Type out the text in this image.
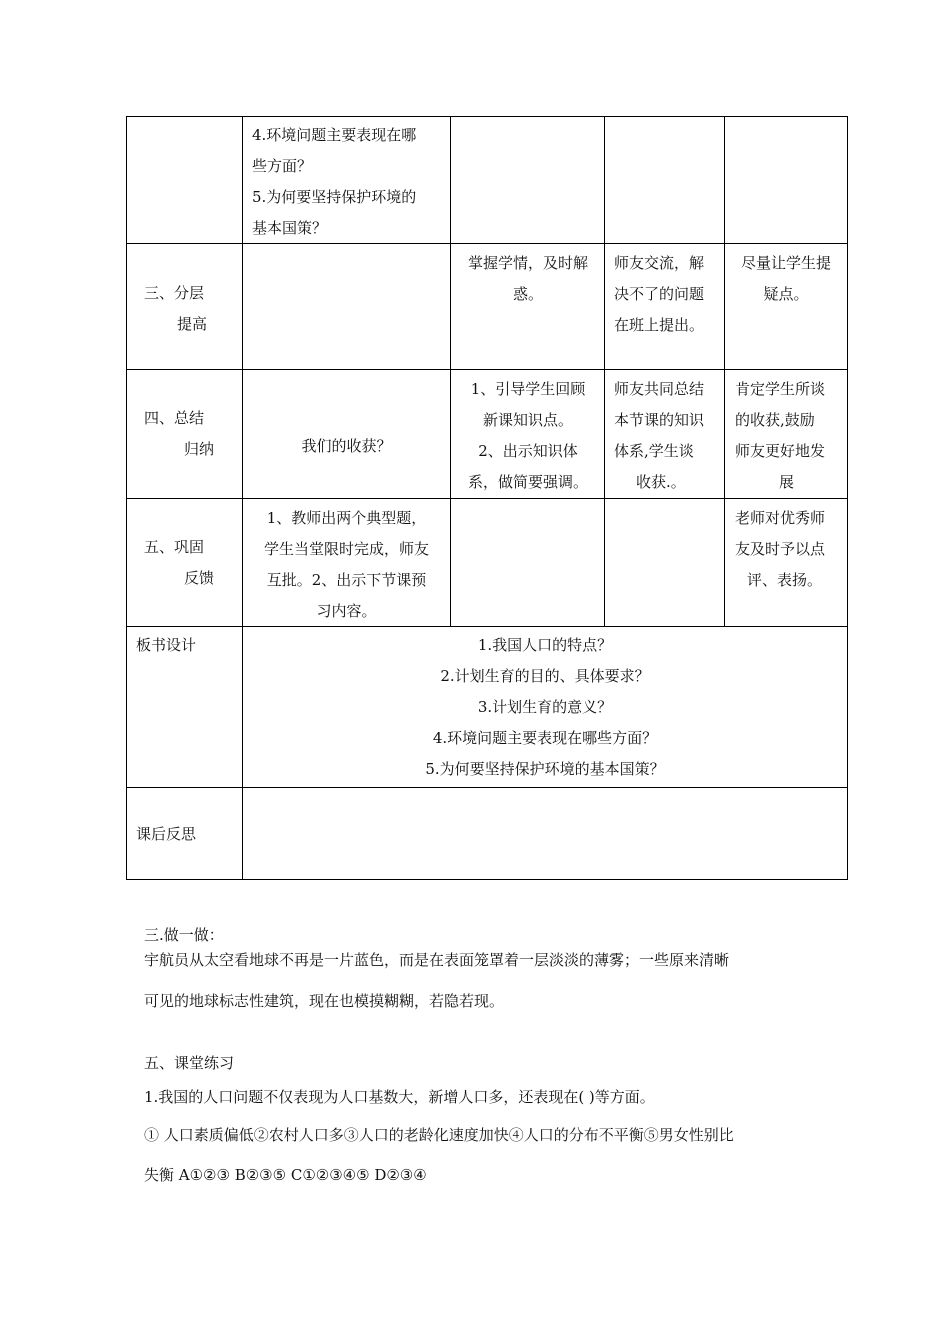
4.环境问题主要表现在哪
些方面？
5.为何要坚持保护环境的
基本国策？
三、分层
提高
掌握学情，及时解
惑。
师友交流，解
决不了的问题
在班上提出。
尽量让学生提
疑点。
四、总结
归纳	我们的收获？
1、引导学生回顾
新课知识点。
2、出示知识体
系，做简要强调。
师友共同总结
本节课的知识
体系,学生谈
收获.。
肯定学生所谈
的收获,鼓励
师友更好地发
展
五、巩固
反馈
1、教师出两个典型题，
学生当堂限时完成，师友
互批。2、出示下节课预
习内容。
老师对优秀师
友及时予以点
评、表扬。
板书设计	1.我国人口的特点？
2.计划生育的目的、具体要求？
3.计划生育的意义？
4.环境问题主要表现在哪些方面？
5.为何要坚持保护环境的基本国策？
课后反思
三.做一做：
宇航员从太空看地球不再是一片蓝色，而是在表面笼罩着一层淡淡的薄雾；一些原来清晰
可见的地球标志性建筑，现在也模摸糊糊，若隐若现。
五、课堂练习
1.我国的人口问题不仅表现为人口基数大，新增人口多，还表现在( )等方面。
① 人口素质偏低②农村人口多③人口的老龄化速度加快④人口的分布不平衡⑤男女性别比
失衡 A①②③ B②③⑤ C①②③④⑤ D②③④
